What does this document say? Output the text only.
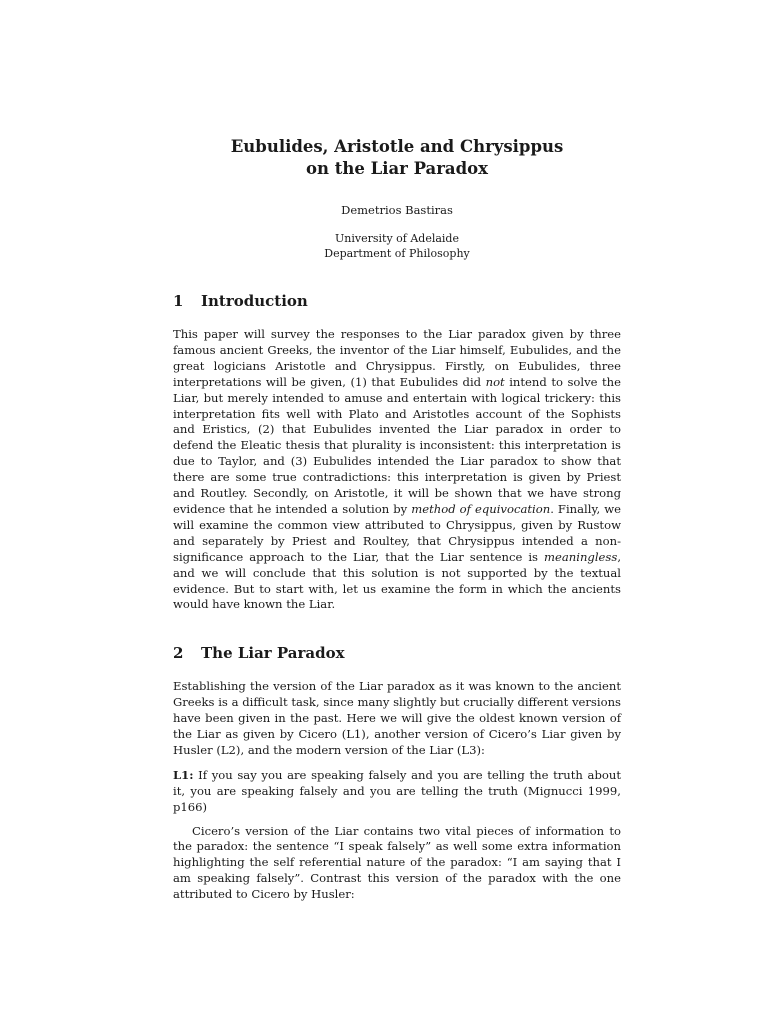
Eubulides, Aristotle and Chrysippus
on the Liar Paradox
Demetrios Bastiras
University of Adelaide
Department of Philosophy
1 Introduction

This paper will survey the responses to the Liar paradox given by three famous ancient Greeks, the inventor of the Liar himself, Eubulides, and the great logicians Aristotle and Chrysippus. Firstly, on Eubulides, three interpretations will be given, (1) that Eubulides did not intend to solve the Liar, but merely intended to amuse and entertain with logical trickery: this interpretation fits well with Plato and Aristotles account of the Sophists and Eristics, (2) that Eubulides invented the Liar paradox in order to defend the Eleatic thesis that plurality is inconsistent: this interpretation is due to Taylor, and (3) Eubulides intended the Liar paradox to show that there are some true contradictions: this interpretation is given by Priest and Routley. Secondly, on Aristotle, it will be shown that we have strong evidence that he intended a solution by method of equivocation. Finally, we will examine the common view attributed to Chrysippus, given by Rustow and separately by Priest and Roultey, that Chrysippus intended a non-significance approach to the Liar, that the Liar sentence is meaningless, and we will conclude that this solution is not supported by the textual evidence. But to start with, let us examine the form in which the ancients would have known the Liar.

2 The Liar Paradox

Establishing the version of the Liar paradox as it was known to the ancient Greeks is a difficult task, since many slightly but crucially different versions have been given in the past. Here we will give the oldest known version of the Liar as given by Cicero (L1), another version of Cicero’s Liar given by Husler (L2), and the modern version of the Liar (L3):

L1: If you say you are speaking falsely and you are telling the truth about it, you are speaking falsely and you are telling the truth (Mignucci 1999, p166)

Cicero’s version of the Liar contains two vital pieces of information to the paradox: the sentence “I speak falsely” as well some extra information highlighting the self referential nature of the paradox: “I am saying that I am speaking falsely”. Contrast this version of the paradox with the one attributed to Cicero by Husler:
